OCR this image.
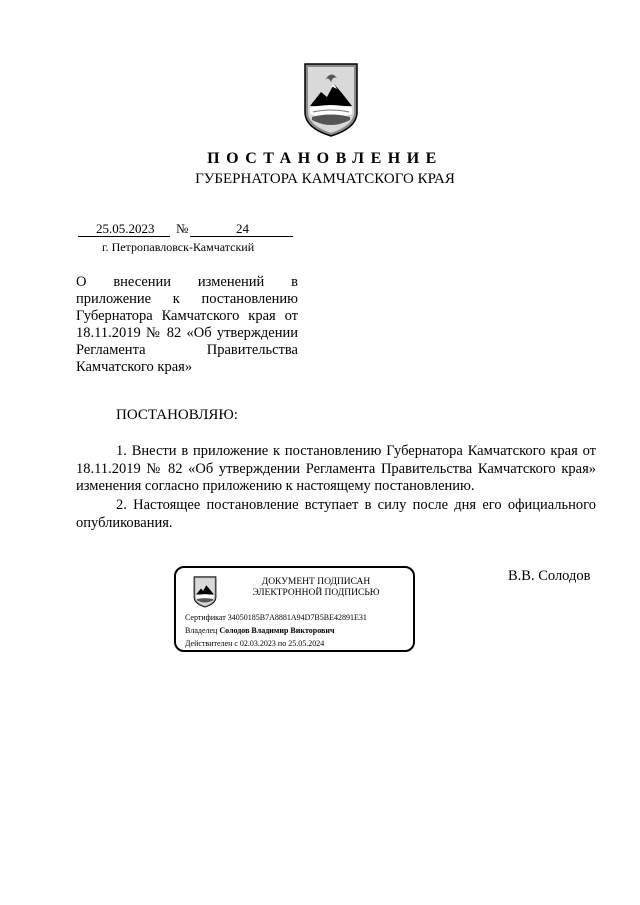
ПОСТАНОВЛЕНИЕ
ГУБЕРНАТОРА КАМЧАТСКОГО КРАЯ
25.05.2023 №	24
г. Петропавловск-Камчатский
О внесении изменений в приложение к постановлению Губернатора Камчатского края от 18.11.2019 № 82 «Об утверждении Регламента Правительства
Камчатского края»
ПОСТАНОВЛЯЮ:
1. Внести в приложение к постановлению Губернатора Камчатского края от 18.11.2019 № 82 «Об утверждении Регламента Правительства Камчатского края» изменения согласно приложению к настоящему постановлению.
2. Настоящее постановление вступает в силу после дня его официального опубликования.
В.В. Солодов
ДОКУМЕНТ ПОДПИСАН
ЭЛЕКТРОННОЙ ПОДПИСЬЮ
Сертификат 34050185B7A8881A94D7B5BE42891E31
Владелец Солодов Владимир Викторович
Действителен с 02.03.2023 по 25.05.2024
